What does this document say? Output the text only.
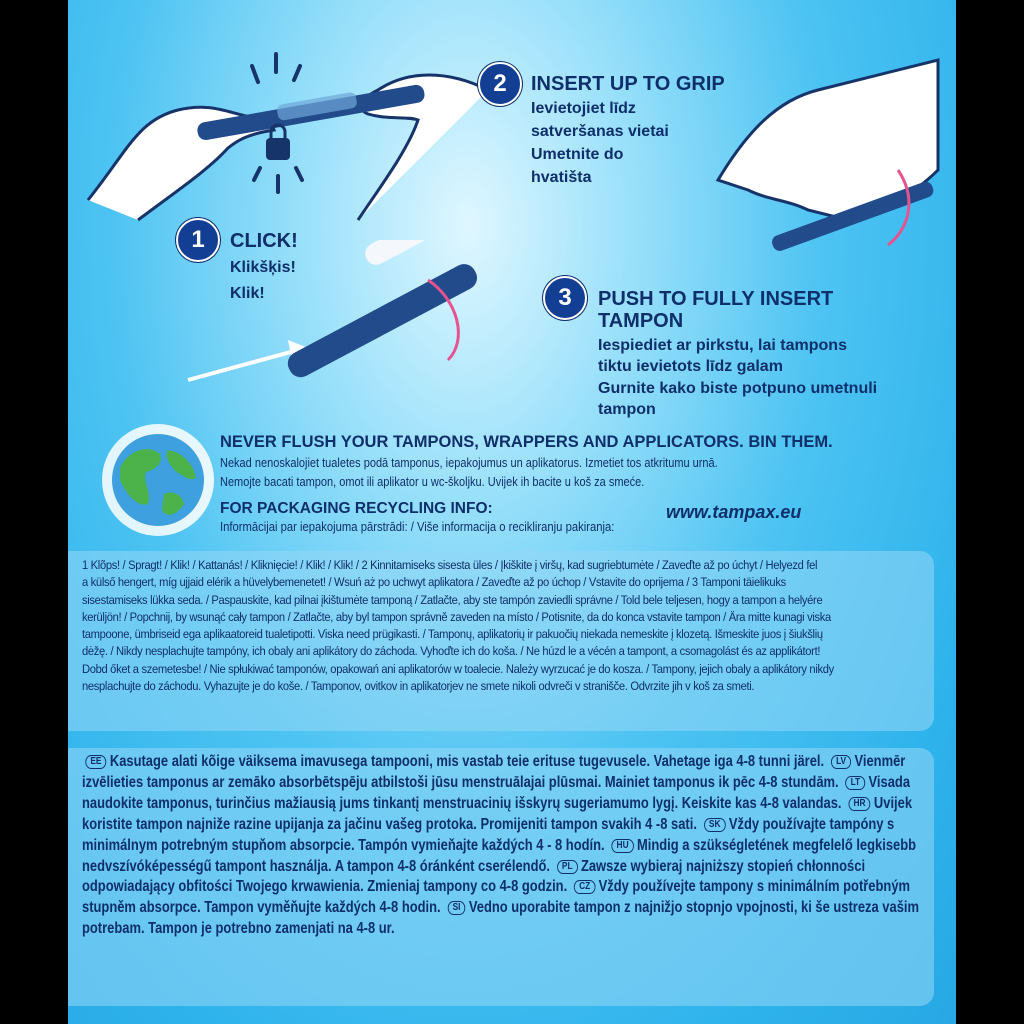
1	CLICK!
Klikšķis!
Klik!
2	INSERT UP TO GRIP
Ievietojiet līdz
satveršanas vietai
Umetnite do
hvatišta
3	PUSH TO FULLY INSERT
TAMPON
Iespiediet ar pirkstu, lai tampons
tiktu ievietots līdz galam
Gurnite kako biste potpuno umetnuli
tampon
NEVER FLUSH YOUR TAMPONS, WRAPPERS AND APPLICATORS. BIN THEM.
Nekad nenoskalojiet tualetes podā tamponus, iepakojumus un aplikatorus. Izmetiet tos atkritumu urnā.
Nemojte bacati tampon, omot ili aplikator u wc-školjku. Uvijek ih bacite u koš za smeće.
FOR PACKAGING RECYCLING INFO:
Informācijai par iepakojuma pārstrādi: / Više informacija o recikliranju pakiranja:
www.tampax.eu
1 Klõps! / Spragt! / Klik! / Kattanás! / Kliknięcie! / Klik! / Klik! / 2 Kinnitamiseks sisesta üles / Įkiškite į viršų, kad sugriebtumėte / Zaveďte až po úchyt / Helyezd fel
a külső hengert, míg ujjaid elérik a hüvelybemenetet! / Wsuń aż po uchwyt aplikatora / Zaveďte až po úchop / Vstavite do oprijema / 3 Tamponi täielikuks
sisestamiseks lükka seda. / Paspauskite, kad pilnai įkištumėte tamponą / Zatlačte, aby ste tampón zaviedli správne / Told bele teljesen, hogy a tampon a helyére
kerüljön! / Popchnij, by wsunąć cały tampon / Zatlačte, aby byl tampon správně zaveden na místo / Potisnite, da do konca vstavite tampon / Ära mitte kunagi viska
tampoone, ümbriseid ega aplikaatoreid tualetipotti. Viska need prügikasti. / Tamponų, aplikatorių ir pakuočių niekada nemeskite į klozetą. Išmeskite juos į šiukšlių
dėžę. / Nikdy nesplachujte tampóny, ich obaly ani aplikátory do záchoda. Vyhoďte ich do koša. / Ne húzd le a vécén a tampont, a csomagolást és az applikátort!
Dobd őket a szemetesbe! / Nie spłukiwać tamponów, opakowań ani aplikatorów w toalecie. Należy wyrzucać je do kosza. / Tampony, jejich obaly a aplikátory nikdy
nesplachujte do záchodu. Vyhazujte je do koše. / Tamponov, ovitkov in aplikatorjev ne smete nikoli odvreči v stranišče. Odvrzite jih v koš za smeti.
EE Kasutage alati kõige väiksema imavusega tampooni, mis vastab teie erituse tugevusele. Vahetage iga 4-8 tunni järel. LV Vienmēr izvēlieties tamponus ar zemāko absorbētspēju atbilstoši jūsu menstruālajai plūsmai. Mainiet tamponus ik pēc 4-8 stundām. LT Visada naudokite tamponus, turinčius mažiausią jums tinkantį menstruacinių išskyrų sugeriamumo lygį. Keiskite kas 4-8 valandas. HR Uvijek koristite tampon najniže razine upijanja za jačinu vašeg protoka. Promijeniti tampon svakih 4 -8 sati. SK Vždy používajte tampóny s minimálnym potrebným stupňom absorpcie. Tampón vymieňajte každých 4 - 8 hodín. HU Mindig a szükségletének megfelelő legkisebb nedvszívóképességű tampont használja. A tampon 4-8 óránként cserélendő. PL Zawsze wybieraj najniższy stopień chłonności odpowiadający obfitości Twojego krwawienia. Zmieniaj tampony co 4-8 godzin. CZ Vždy používejte tampony s minimálním potřebným stupněm absorpce. Tampon vyměňujte každých 4-8 hodin. SI Vedno uporabite tampon z najnižjo stopnjo vpojnosti, ki še ustreza vašim potrebam. Tampon je potrebno zamenjati na 4-8 ur.
